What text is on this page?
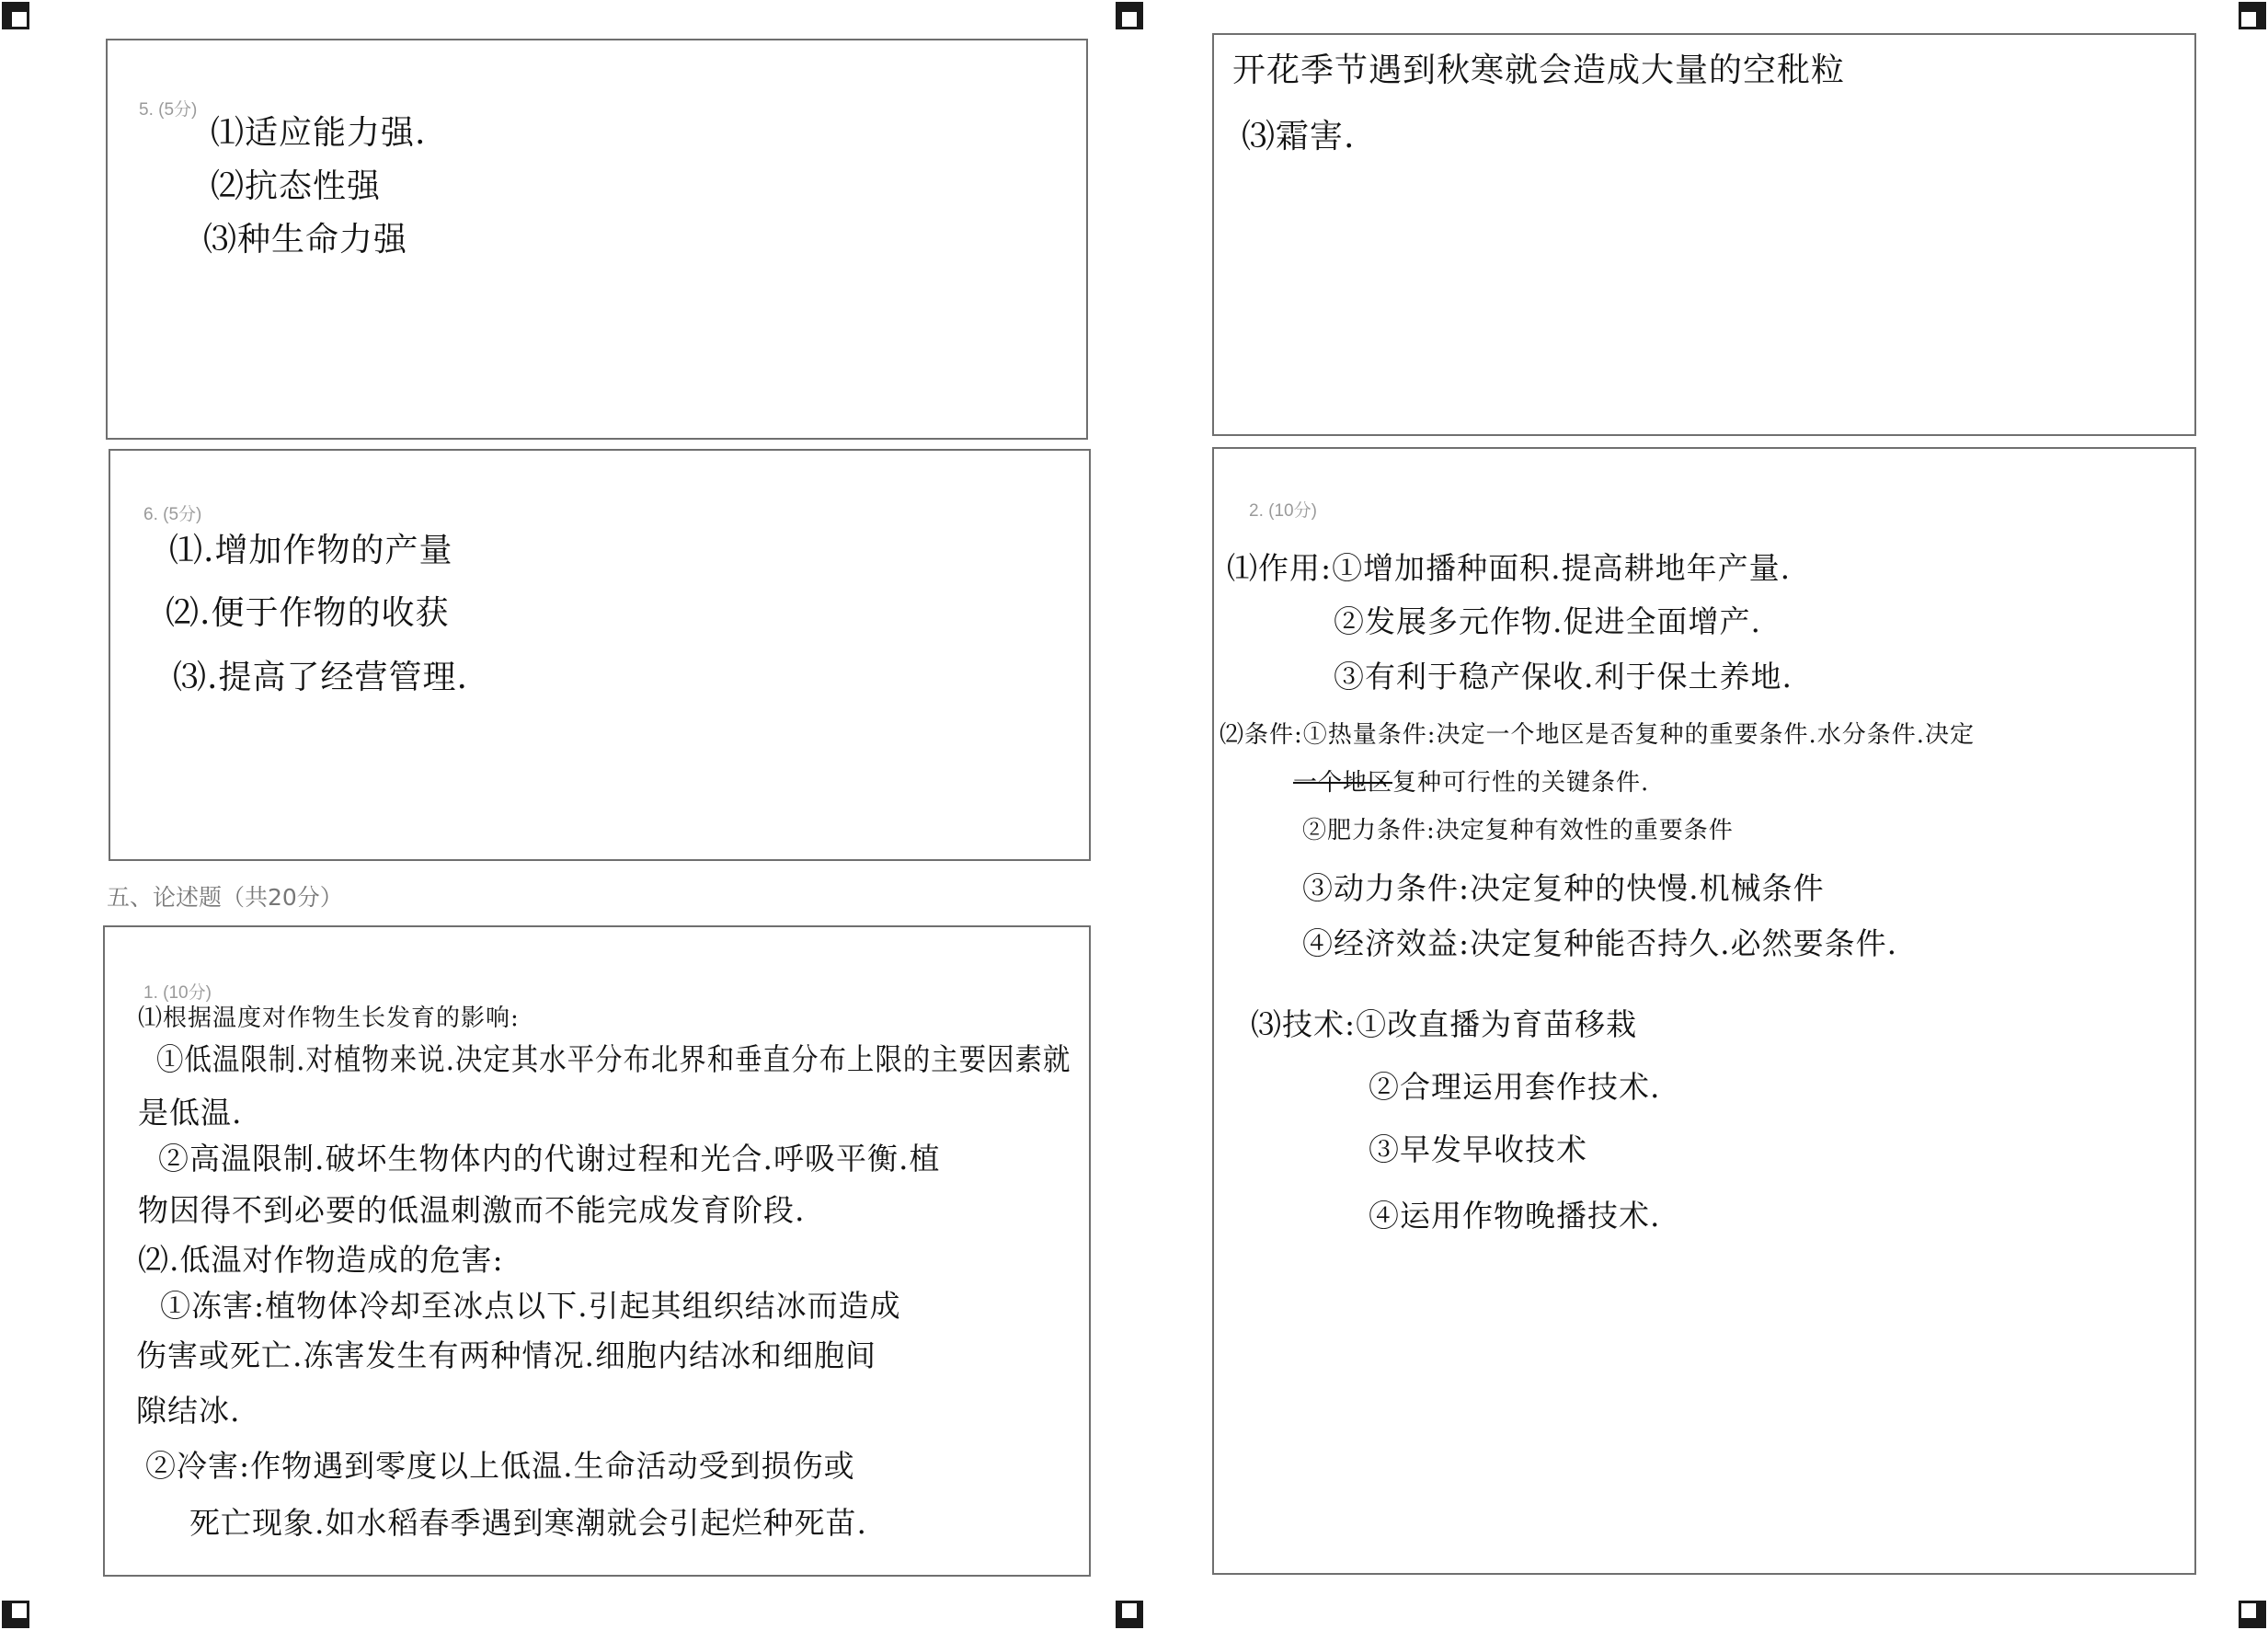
5. (5分)
⑴适应能力强.
⑵抗态性强
⑶种生命力强
6. (5分)
⑴.增加作物的产量
⑵.便于作物的收获
⑶.提高了经营管理.
五、论述题（共20分）
1. (10分)
⑴根据温度对作物生长发育的影响:
①低温限制.对植物来说.决定其水平分布北界和垂直分布上限的主要因素就
是低温.
②高温限制.破坏生物体内的代谢过程和光合.呼吸平衡.植
物因得不到必要的低温刺激而不能完成发育阶段.
⑵.低温对作物造成的危害:
①冻害:植物体冷却至冰点以下.引起其组织结冰而造成
伤害或死亡.冻害发生有两种情况.细胞内结冰和细胞间
隙结冰.
②冷害:作物遇到零度以上低温.生命活动受到损伤或
死亡现象.如水稻春季遇到寒潮就会引起烂种死苗.
开花季节遇到秋寒就会造成大量的空秕粒
⑶霜害.
2. (10分)
⑴作用:①增加播种面积.提高耕地年产量.
②发展多元作物.促进全面增产.
③有利于稳产保收.利于保土养地.
⑵条件:①热量条件:决定一个地区是否复种的重要条件.水分条件.决定
一个地区复种可行性的关键条件.
②肥力条件:决定复种有效性的重要条件
③动力条件:决定复种的快慢.机械条件
④经济效益:决定复种能否持久.必然要条件.
⑶技术:①改直播为育苗移栽
②合理运用套作技术.
③早发早收技术
④运用作物晚播技术.
